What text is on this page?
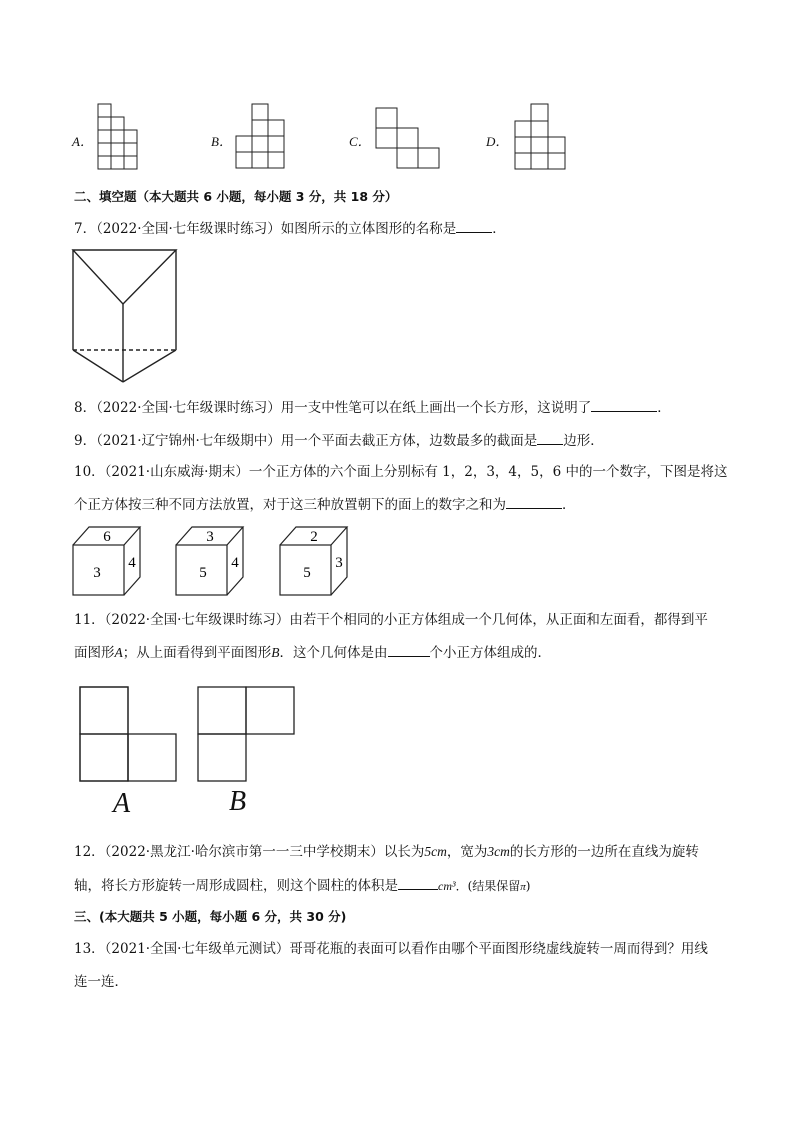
A．	B．	C．	D．
二、填空题（本大题共 6 小题，每小题 3 分，共 18 分）
7．（2022·全国·七年级课时练习）如图所示的立体图形的名称是	．
8．（2022·全国·七年级课时练习）用一支中性笔可以在纸上画出一个长方形，这说明了	．
9．（2021·辽宁锦州·七年级期中）用一个平面去截正方体，边数最多的截面是 边形．
10．（2021·山东威海·期末）一个正方体的六个面上分别标有 1，2，3，4，5，6 中的一个数字，下图是将这
个正方体按三种不同方法放置，对于这三种放置朝下的面上的数字之和为	．
6
3
4
3
5
4
2
5
3
11．（2022·全国·七年级课时练习）由若干个相同的小正方体组成一个几何体，从正面和左面看，都得到平
面图形A；从上面看得到平面图形B．这个几何体是由	个小正方体组成的．
A	B
12．（2022·黑龙江·哈尔滨市第一一三中学校期末）以长为5cm，宽为3cm的长方形的一边所在直线为旋转
轴，将长方形旋转一周形成圆柱，则这个圆柱的体积是	cm³．(结果保留π)
三、(本大题共 5 小题，每小题 6 分，共 30 分)
13．（2021·全国·七年级单元测试）哥哥花瓶的表面可以看作由哪个平面图形绕虚线旋转一周而得到？用线
连一连．
